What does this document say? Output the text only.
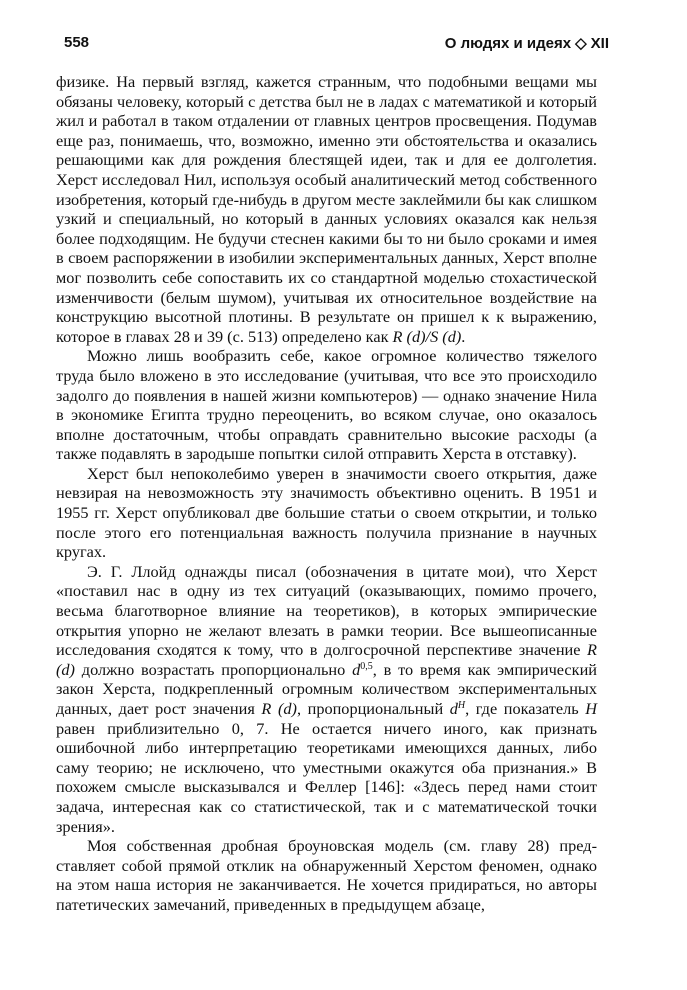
558	О людях и идеях ◇ XII

физике. На первый взгляд, кажется странным, что подобными вещами мы обязаны человеку, который с детства был не в ладах с математикой и который жил и работал в таком отдалении от главных центров просвещения. Подумав еще раз, понимаешь, что, возможно, именно эти обстоятельства и оказались решающими как для рождения блестящей идеи, так и для ее долголетия. Херст исследовал Нил, используя особый аналитический метод собственного изобретения, который где-нибудь в другом месте заклеймили бы как слишком узкий и специальный, но который в данных условиях оказался как нельзя более подходящим. Не будучи стеснен какими бы то ни было сроками и имея в своем распоряжении в изобилии экспериментальных данных, Херст вполне мог позволить себе сопоставить их со стандартной моделью стохастической изменчивости (белым шумом), учитывая их относительное воздействие на конструкцию высотной плотины. В результате он пришел к к выражению, которое в главах 28 и 39 (с. 513) определено как R (d)/S (d).

Можно лишь вообразить себе, какое огромное количество тяжелого труда было вложено в это исследование (учитывая, что все это происходило задолго до появления в нашей жизни компьютеров) — однако значение Нила в экономике Египта трудно переоценить, во всяком случае, оно оказалось вполне достаточным, чтобы оправдать сравнительно высокие расходы (а также подавлять в зародыше попытки силой отправить Херста в отставку).

Херст был непоколебимо уверен в значимости своего открытия, даже невзирая на невозможность эту значимость объективно оценить. В 1951 и 1955 гг. Херст опубликовал две большие статьи о своем открытии, и только после этого его потенциальная важность получила признание в научных кругах.

Э. Г. Ллойд однажды писал (обозначения в цитате мои), что Херст «поставил нас в одну из тех ситуаций (оказывающих, помимо прочего, весьма благотворное влияние на теоретиков), в которых эмпирические открытия упорно не желают влезать в рамки теории. Все вышеописанные исследования сходятся к тому, что в долгосрочной перспективе значение R (d) должно возрастать пропорционально $d^{0,5}$, в то время как эмпирический закон Херста, подкрепленный огромным количеством экспериментальных данных, дает рост значения R (d), пропорциональный $d^H$, где показатель H равен приблизительно 0, 7. Не остается ничего иного, как признать ошибочной либо интерпретацию теоретиками имеющихся данных, либо саму теорию; не исключено, что уместными окажутся оба признания.» В похожем смысле высказывался и Феллер [146]: «Здесь перед нами стоит задача, интересная как со статистической, так и с математической точки зрения».

Моя собственная дробная броуновская модель (см. главу 28) представляет собой прямой отклик на обнаруженный Херстом феномен, однако на этом наша история не заканчивается. Не хочется придираться, но авторы патетических замечаний, приведенных в предыдущем абзаце,
